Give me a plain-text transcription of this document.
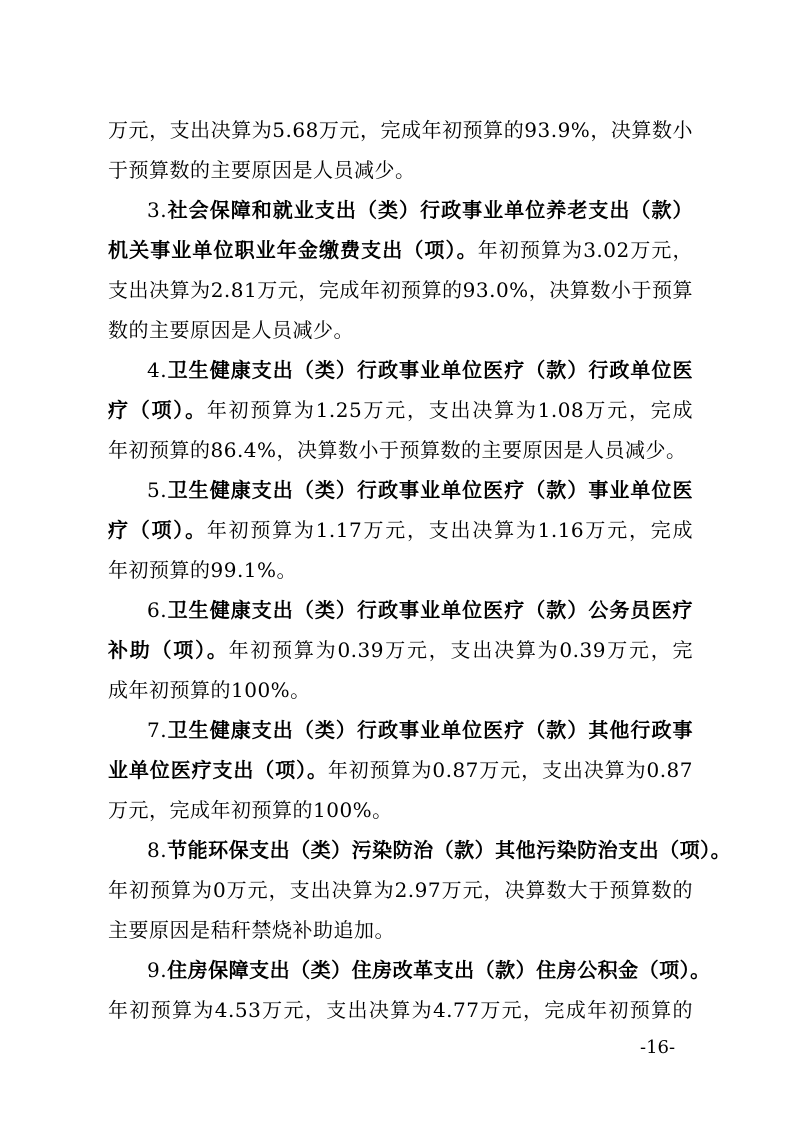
万元，支出决算为5.68万元，完成年初预算的93.9%，决算数小
于预算数的主要原因是人员减少。
3.社会保障和就业支出（类）行政事业单位养老支出（款）
机关事业单位职业年金缴费支出（项）。年初预算为3.02万元，
支出决算为2.81万元，完成年初预算的93.0%，决算数小于预算
数的主要原因是人员减少。
4.卫生健康支出（类）行政事业单位医疗（款）行政单位医
疗（项）。年初预算为1.25万元，支出决算为1.08万元，完成
年初预算的86.4%，决算数小于预算数的主要原因是人员减少。
5.卫生健康支出（类）行政事业单位医疗（款）事业单位医
疗（项）。年初预算为1.17万元，支出决算为1.16万元，完成
年初预算的99.1%。
6.卫生健康支出（类）行政事业单位医疗（款）公务员医疗
补助（项）。年初预算为0.39万元，支出决算为0.39万元，完
成年初预算的100%。
7.卫生健康支出（类）行政事业单位医疗（款）其他行政事
业单位医疗支出（项）。年初预算为0.87万元，支出决算为0.87
万元，完成年初预算的100%。
8.节能环保支出（类）污染防治（款）其他污染防治支出（项）。
年初预算为0万元，支出决算为2.97万元，决算数大于预算数的
主要原因是秸秆禁烧补助追加。
9.住房保障支出（类）住房改革支出（款）住房公积金（项）。
年初预算为4.53万元，支出决算为4.77万元，完成年初预算的
-16-
